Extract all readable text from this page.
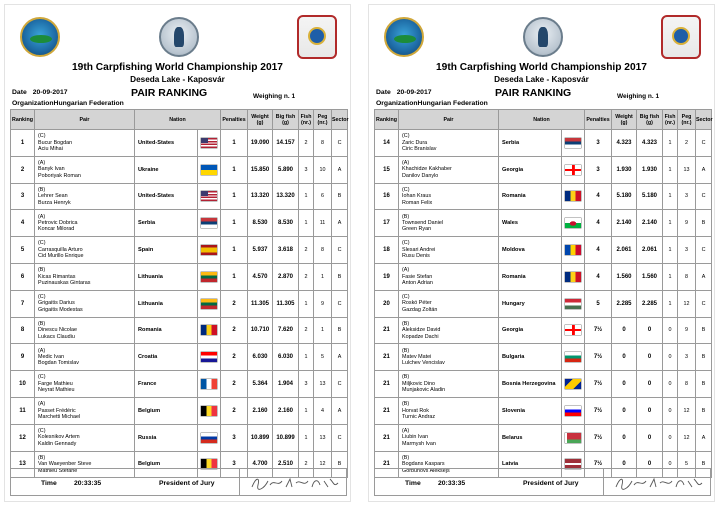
19th Carpfishing World Championship 2017
Deseda Lake - Kaposvár
Date 20-09-2017	PAIR RANKING	Weighing n. 1
OrganizationHungarian Federation
Ranking	Pair	Nation		Penalties	Weight (g)	Big fish (g)	Fish (nr.)	Peg (nr.)	Sector
1	(C)
Bucur Bogdan
Aciu Mihai	United-States		1	19.090	14.157	2	8	C
2	(A)
Banyk Ivan
Poboriyak Roman	Ukraine		1	15.850	5.890	3	10	A
3	(B)
Lehrer Sean
Burza Henryk	United-States		1	13.320	13.320	1	6	B
4	(A)
Petrovic Dobrica
Koncar Milorad	Serbia		1	8.530	8.530	1	11	A
5	(C)
Carrasquilla Arturo
Cid Murillo Enrique	Spain		1	5.937	3.618	2	8	C
6	(B)
Kicas Rimantas
Puzinauskas Gintaras	Lithuania		1	4.570	2.870	2	1	B
7	(C)
Grigaitis Darius
Grigaitis Modestas	Lithuania		2	11.305	11.305	1	9	C
8	(B)
Dinescu Nicolae
Lukacs Claudiu	Romania		2	10.710	7.620	2	1	B
9	(A)
Medic Ivan
Bogdan Tomislav	Croatia		2	6.030	6.030	1	5	A
10	(C)
Farge Mathieu
Neyrat Mathieu	France		2	5.364	1.904	3	13	C
11	(A)
Passet Frédéric
Marchetti Michael	Belgium		2	2.160	2.160	1	4	A
12	(C)
Kolesnikov Artem
Kaldin Gennady	Russia		3	10.899	10.899	1	13	C
13	(B)
Van Waeyenber Steve
Mathieu Stefane	Belgium		3	4.700	2.510	2	12	B
Time	20:33:35	President of Jury
19th Carpfishing World Championship 2017
Deseda Lake - Kaposvár
Date 20-09-2017	PAIR RANKING	Weighing n. 1
OrganizationHungarian Federation
Ranking	Pair	Nation		Penalties	Weight (g)	Big fish (g)	Fish (nr.)	Peg (nr.)	Sector
14	(C)
Zaric Dura
Ciric Branislav	Serbia		3	4.323	4.323	1	2	C
15	(A)
Khachidze Kakhaber
Danilov Danylo	Georgia		3	1.930	1.930	1	13	A
16	(C)
Iohan Kraus
Roman Felix	Romania		4	5.180	5.180	1	3	C
17	(B)
Townsend Daniel
Green Ryan	Wales		4	2.140	2.140	1	9	B
18	(C)
Slesari Andrei
Rusu Denis	Moldova		4	2.061	2.061	1	3	C
19	(A)
Fasie Stefan
Anton Adrian	Romania		4	1.560	1.560	1	8	A
20	(C)
Roskó Péter
Gazdag Zoltán	Hungary		5	2.285	2.285	1	12	C
21	(B)
Aleksidze David
Kopadze Dachi	Georgia		7½	0	0	0	9	B
21	(B)
Matev Matei
Lulchev Vencislav	Bulgaria		7½	0	0	0	3	B
21	(B)
Miljkovic Dino
Munjakovic Aladin	Bosnia Herzegovina		7½	0	0	0	8	B
21	(B)
Horvat Rok
Turnic Andraz	Slovenia		7½	0	0	0	12	B
21	(A)
Liubin Ivan
Marmysh Ivan	Belarus		7½	0	0	0	12	A
21	(B)
Bogdans Kaspars
Gorbunovs Aleksejs	Latvia		7½	0	0	0	5	B
Time	20:33:35	President of Jury
